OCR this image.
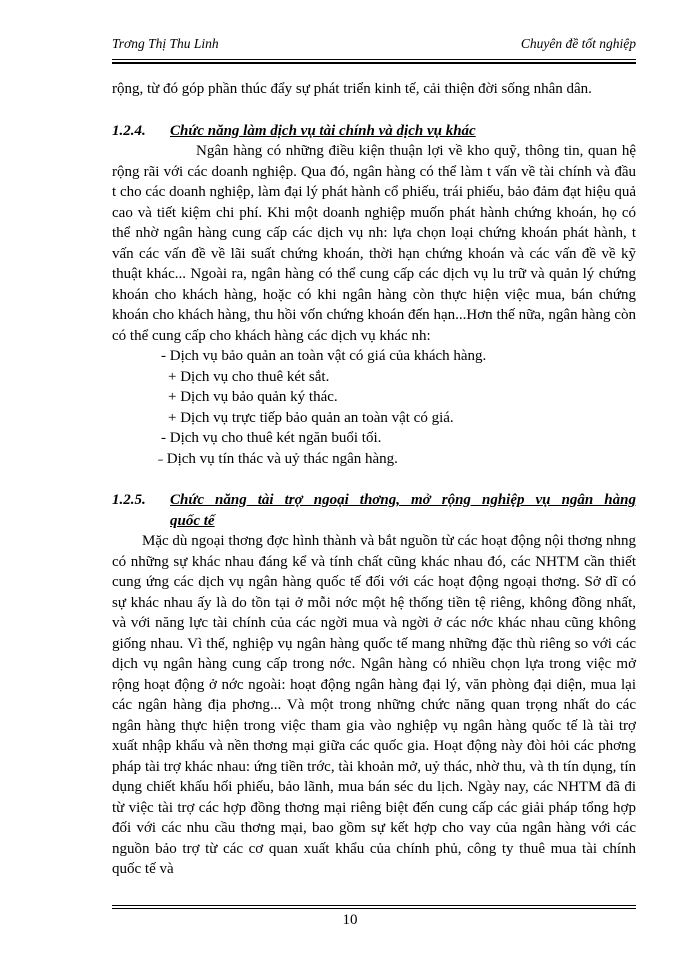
Trơng Thị Thu Linh	Chuyên đề tốt nghiệp

rộng, từ đó góp phần thúc đẩy sự phát triển kinh tế, cải thiện đời sống nhân dân.

1.2.4. Chức năng làm dịch vụ tài chính và dịch vụ khác

Ngân hàng có những điều kiện thuận lợi về kho quỹ, thông tin, quan hệ rộng rãi với các doanh nghiệp. Qua đó, ngân hàng có thể làm t vấn về tài chính và đầu t cho các doanh nghiệp, làm đại lý phát hành cổ phiếu, trái phiếu, bảo đảm đạt hiệu quả cao và tiết kiệm chi phí. Khi một doanh nghiệp muốn phát hành chứng khoán, họ có thể nhờ ngân hàng cung cấp các dịch vụ nh: lựa chọn loại chứng khoán phát hành, t vấn các vấn đề về lãi suất chứng khoán, thời hạn chứng khoán và các vấn đề về kỹ thuật khác... Ngoài ra, ngân hàng có thể cung cấp các dịch vụ lu trữ và quản lý chứng khoán cho khách hàng, hoặc có khi ngân hàng còn thực hiện việc mua, bán chứng khoán cho khách hàng, thu hồi vốn chứng khoán đến hạn...Hơn thế nữa, ngân hàng còn có thể cung cấp cho khách hàng các dịch vụ khác nh:

- Dịch vụ bảo quản an toàn vật có giá của khách hàng.
+ Dịch vụ cho thuê két sắt.
+ Dịch vụ bảo quản ký thác.
+ Dịch vụ trực tiếp bảo quản an toàn vật có giá.
- Dịch vụ cho thuê két ngăn buổi tối.
˗ Dịch vụ tín thác và uỷ thác ngân hàng.
1.2.5. Chức năng tài trợ ngoại thơng, mở rộng nghiệp vụ ngân hàng
quốc tế

Mặc dù ngoại thơng đợc hình thành và bắt nguồn từ các hoạt động nội thơng nhng có những sự khác nhau đáng kể và tính chất cũng khác nhau đó, các NHTM cần thiết cung ứng các dịch vụ ngân hàng quốc tế đối với các hoạt động ngoại thơng. Sở dĩ có sự khác nhau ấy là do tồn tại ở mỗi nớc một hệ thống tiền tệ riêng, không đồng nhất, và với năng lực tài chính của các ngời mua và ngời ở các nớc khác nhau cũng không giống nhau. Vì thế, nghiệp vụ ngân hàng quốc tế mang những đặc thù riêng so với các dịch vụ ngân hàng cung cấp trong nớc. Ngân hàng có nhiều chọn lựa trong việc mở rộng hoạt động ở nớc ngoài: hoạt động ngân hàng đại lý, văn phòng đại diện, mua lại các ngân hàng địa phơng... Và một trong những chức năng quan trọng nhất do các ngân hàng thực hiện trong việc tham gia vào nghiệp vụ ngân hàng quốc tế là tài trợ xuất nhập khẩu và nền thơng mại giữa các quốc gia. Hoạt động này đòi hỏi các phơng pháp tài trợ khác nhau: ứng tiền trớc, tài khoản mở, uỷ thác, nhờ thu, và th tín dụng, tín dụng chiết khấu hối phiếu, bảo lãnh, mua bán séc du lịch. Ngày nay, các NHTM đã đi từ việc tài trợ các hợp đồng thơng mại riêng biệt đến cung cấp các giải pháp tổng hợp đối với các nhu cầu thơng mại, bao gồm sự kết hợp cho vay của ngân hàng với các nguồn bảo trợ từ các cơ quan xuất khẩu của chính phủ, công ty thuê mua tài chính quốc tế và

10
